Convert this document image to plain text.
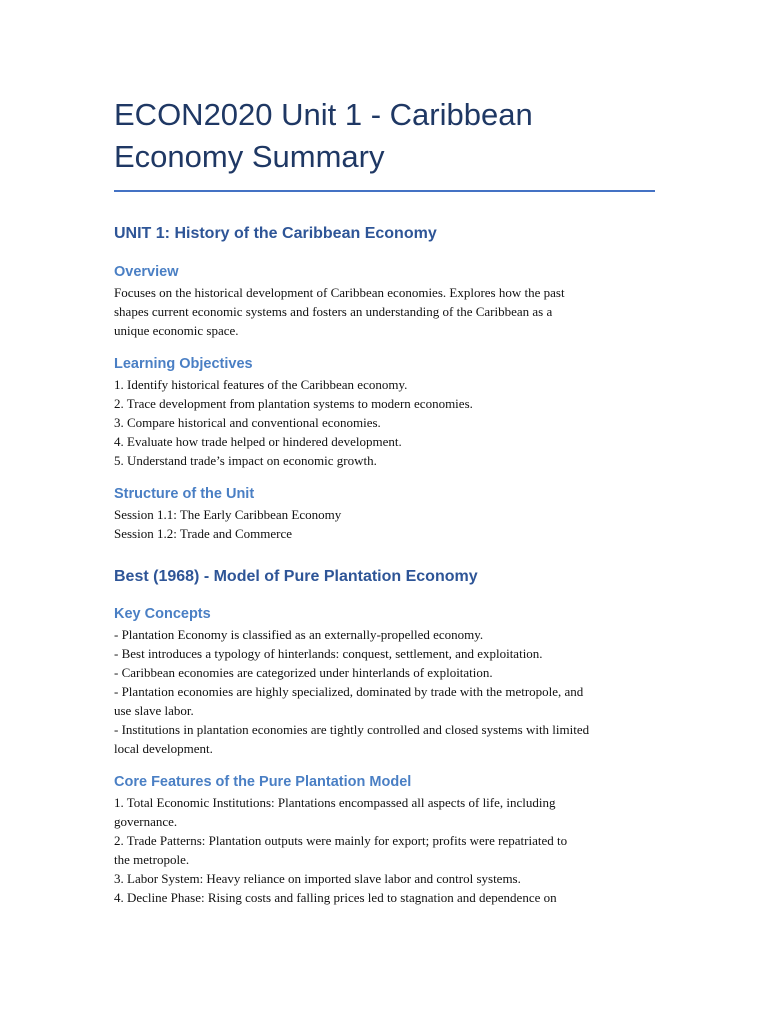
ECON2020 Unit 1 - Caribbean Economy Summary
UNIT 1: History of the Caribbean Economy
Overview

Focuses on the historical development of Caribbean economies. Explores how the past
shapes current economic systems and fosters an understanding of the Caribbean as a
unique economic space.

Learning Objectives

1. Identify historical features of the Caribbean economy.
2. Trace development from plantation systems to modern economies.
3. Compare historical and conventional economies.
4. Evaluate how trade helped or hindered development.
5. Understand trade’s impact on economic growth.

Structure of the Unit

Session 1.1: The Early Caribbean Economy
Session 1.2: Trade and Commerce

Best (1968) - Model of Pure Plantation Economy
Key Concepts

- Plantation Economy is classified as an externally-propelled economy.
- Best introduces a typology of hinterlands: conquest, settlement, and exploitation.
- Caribbean economies are categorized under hinterlands of exploitation.
- Plantation economies are highly specialized, dominated by trade with the metropole, and
use slave labor.
- Institutions in plantation economies are tightly controlled and closed systems with limited
local development.

Core Features of the Pure Plantation Model

1. Total Economic Institutions: Plantations encompassed all aspects of life, including
governance.
2. Trade Patterns: Plantation outputs were mainly for export; profits were repatriated to
the metropole.
3. Labor System: Heavy reliance on imported slave labor and control systems.
4. Decline Phase: Rising costs and falling prices led to stagnation and dependence on
